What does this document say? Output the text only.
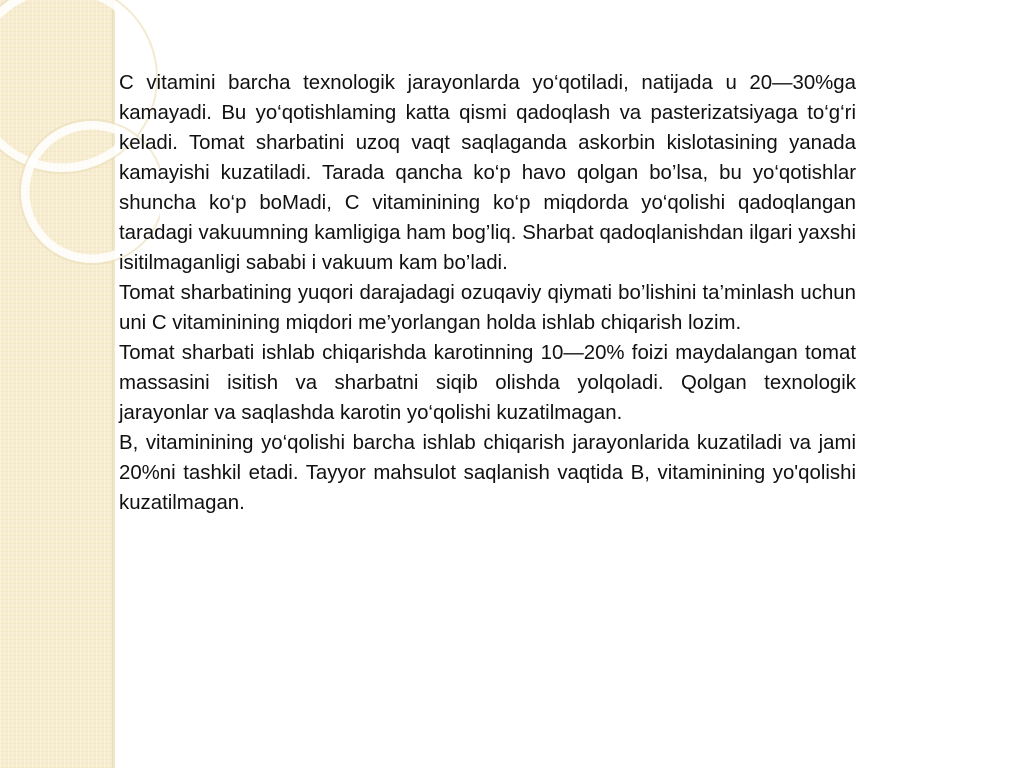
C vitamini barcha texnologik jarayonlarda yo‘qotiladi, natijada u 20—30%ga kamayadi. Bu yo‘qotishlaming katta qismi qadoqlash va pasterizatsiyaga to‘g‘ri keladi. Tomat sharbatini uzoq vaqt saqlaganda askorbin kislotasining yanada kamayishi kuzatiladi. Tarada qancha ko‘p havo qolgan bo’lsa, bu yo‘qotishlar shuncha ko‘p boMadi, C vitaminining ko‘p miqdorda yo‘qolishi qadoqlangan taradagi vakuumning kamligiga ham bog’liq. Sharbat qadoqlanishdan ilgari yaxshi isitilmaganligi sababi i vakuum kam bo’ladi.

Tomat sharbatining yuqori darajadagi ozuqaviy qiymati bo’lishini ta’minlash uchun uni C vitaminining miqdori me’yorlangan holda ishlab chiqarish lozim.

Tomat sharbati ishlab chiqarishda karotinning 10—20% foizi maydalangan tomat massasini isitish va sharbatni siqib olishda yolqoladi. Qolgan texnologik jarayonlar va saqlashda karotin yo‘qolishi kuzatilmagan.

B, vitaminining yo‘qolishi barcha ishlab chiqarish jarayonlarida kuzatiladi va jami 20%ni tashkil etadi. Tayyor mahsulot saqlanish vaqtida B, vitaminining yo'qolishi kuzatilmagan.
